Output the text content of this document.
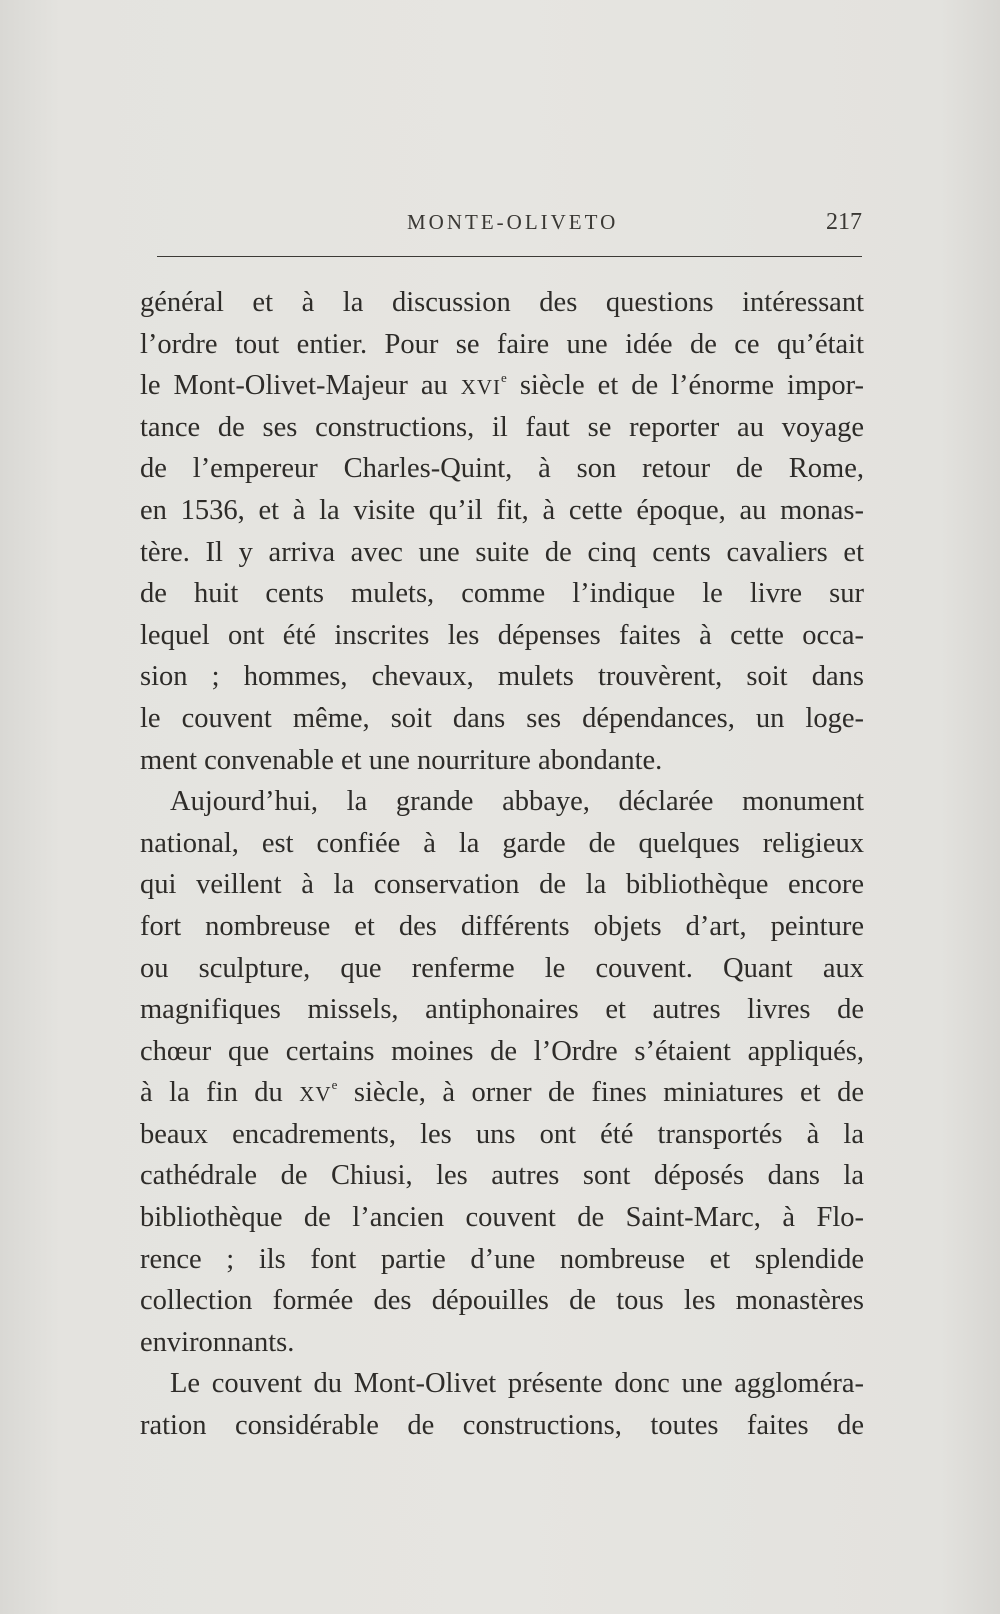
MONTE-OLIVETO	217
général et à la discussion des questions intéressant
l’ordre tout entier. Pour se faire une idée de ce qu’était
le Mont-Olivet-Majeur au XVIe siècle et de l’énorme impor-
tance de ses constructions, il faut se reporter au voyage
de l’empereur Charles-Quint, à son retour de Rome,
en 1536, et à la visite qu’il fit, à cette époque, au monas-
tère. Il y arriva avec une suite de cinq cents cavaliers et
de huit cents mulets, comme l’indique le livre sur
lequel ont été inscrites les dépenses faites à cette occa-
sion ; hommes, chevaux, mulets trouvèrent, soit dans
le couvent même, soit dans ses dépendances, un loge-
ment convenable et une nourriture abondante.
Aujourd’hui, la grande abbaye, déclarée monument
national, est confiée à la garde de quelques religieux
qui veillent à la conservation de la bibliothèque encore
fort nombreuse et des différents objets d’art, peinture
ou sculpture, que renferme le couvent. Quant aux
magnifiques missels, antiphonaires et autres livres de
chœur que certains moines de l’Ordre s’étaient appliqués,
à la fin du XVe siècle, à orner de fines miniatures et de
beaux encadrements, les uns ont été transportés à la
cathédrale de Chiusi, les autres sont déposés dans la
bibliothèque de l’ancien couvent de Saint-Marc, à Flo-
rence ; ils font partie d’une nombreuse et splendide
collection formée des dépouilles de tous les monastères
environnants.
Le couvent du Mont-Olivet présente donc une aggloméra-
ration considérable de constructions, toutes faites de
